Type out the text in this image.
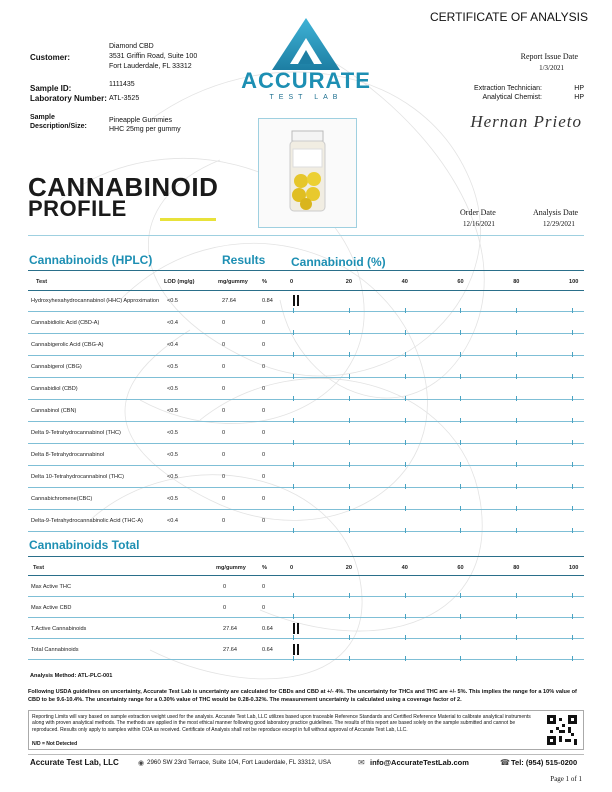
CERTIFICATE OF ANALYSIS
Customer:
Diamond CBD
3531 Griffin Road, Suite 100
Fort Lauderdale, FL 33312
Sample ID:	1111435
Laboratory Number: ATL-3525
Sample Description/Size:
Pineapple Gummies
HHC 25mg per gummy
ACCURATE
TEST LAB
Report Issue Date
1/3/2021
Extraction Technician:	HP
Analytical Chemist:	HP
Hernan Prieto
CANNABINOID
PROFILE	Order Date
12/16/2021
Analysis Date
12/29/2021
Cannabinoids (HPLC)	Results Cannabinoid (%)
Test	LOD (mg/g)	mg/gummy	%	0	20	40	60	80	100
Hydroxyhexahydrocannabinol (HHC) Approximation <0.5	27.64	0.84
Cannabidiolic Acid (CBD-A)	<0.4	0	0
Cannabigerolic Acid (CBG-A)	<0.4	0	0
Cannabigerol (CBG)	<0.5	0	0
Cannabidiol (CBD)	<0.5	0	0
Cannabinol (CBN)	<0.5	0	0
Delta 9-Tetrahydrocannabinol (THC)	<0.5	0	0
Delta 8-Tetrahydrocannabinol	<0.5	0	0
Delta 10-Tetrahydrocannabinol (THC)	<0.5	0	0
Cannabichromene(CBC)	<0.5	0	0
Delta-9-Tetrahydrocannabinolic Acid (THC-A)	<0.4	0	0
Cannabinoids Total
Test	mg/gummy	%	0	20	40	60	80	100
Max Active THC	0	0
Max Active CBD	0	0
T.Active Cannabinoids	27.64	0.64
Total Cannabinoids	27.64	0.64
Analysis Method: ATL-PLC-001
Following USDA guidelines on uncertainty, Accurate Test Lab is uncertainty are calculated for CBDs and CBD at +/- 4%. The uncertainty for THCs and THC are +/- 5%. This implies the range for a 10% value of CBD to be 9.6-10.4%. The uncertainty range for a 0.30% value of THC would be 0.28-0.32%. The measurement uncertainty is calculated using a coverage factor of 2.
Reporting Limits will vary based on sample extraction weight used for the analysis. Accurate Test Lab, LLC utilizes based upon traceable Reference Standards and Certified Reference Material to calibrate analytical instruments along with proven analytical methods. The methods are applied in the most ethical manner following good laboratory practice guidelines. The results of this report are based solely on the sample submitted and cannot be reproduced. Results only apply to samples within COA as received. Certificate of Analysis shall not be reproduce except in full without approval of Accurate Test Lab, LLC.
N/D = Not Detected
Accurate Test Lab, LLC	◉ 2960 SW 23rd Terrace, Suite 104, Fort Lauderdale, FL 33312, USA	✉ info@AccurateTestLab.com	☎ Tel: (954) 515-0200
Page 1 of 1
